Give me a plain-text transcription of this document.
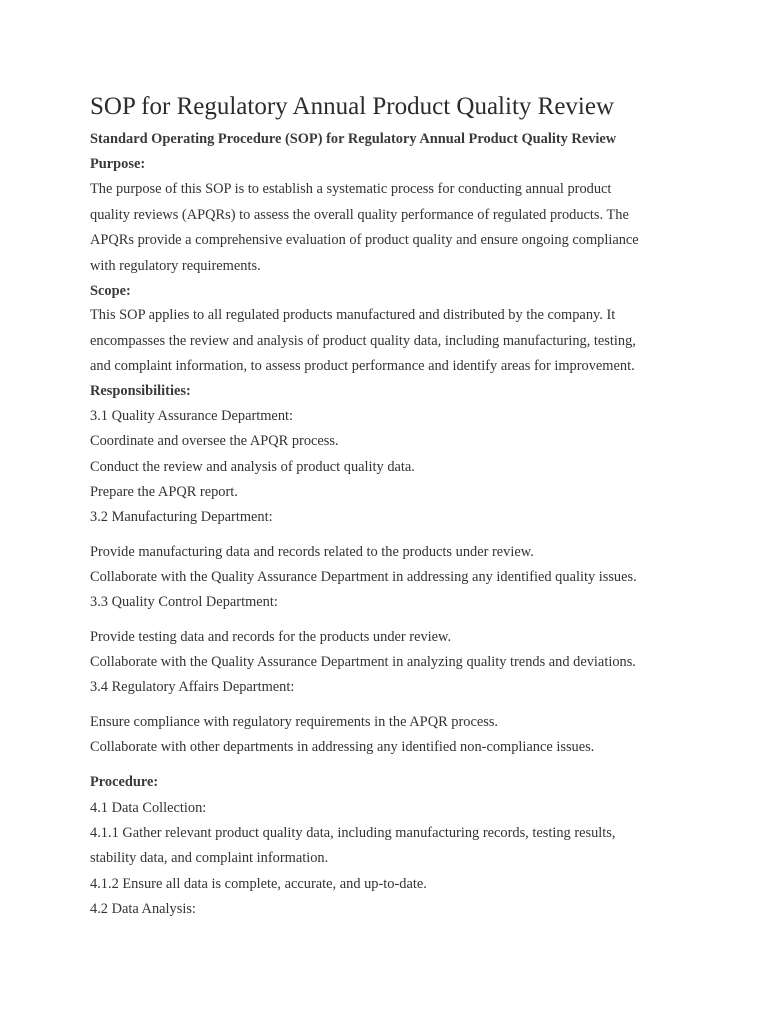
SOP for Regulatory Annual Product Quality Review

Standard Operating Procedure (SOP) for Regulatory Annual Product Quality Review

Purpose:

The purpose of this SOP is to establish a systematic process for conducting annual product

quality reviews (APQRs) to assess the overall quality performance of regulated products. The

APQRs provide a comprehensive evaluation of product quality and ensure ongoing compliance

with regulatory requirements.

Scope:

This SOP applies to all regulated products manufactured and distributed by the company. It

encompasses the review and analysis of product quality data, including manufacturing, testing,

and complaint information, to assess product performance and identify areas for improvement.

Responsibilities:

3.1 Quality Assurance Department:

Coordinate and oversee the APQR process.

Conduct the review and analysis of product quality data.

Prepare the APQR report.

3.2 Manufacturing Department:

Provide manufacturing data and records related to the products under review.

Collaborate with the Quality Assurance Department in addressing any identified quality issues.

3.3 Quality Control Department:

Provide testing data and records for the products under review.

Collaborate with the Quality Assurance Department in analyzing quality trends and deviations.

3.4 Regulatory Affairs Department:

Ensure compliance with regulatory requirements in the APQR process.

Collaborate with other departments in addressing any identified non-compliance issues.

Procedure:

4.1 Data Collection:

4.1.1 Gather relevant product quality data, including manufacturing records, testing results,

stability data, and complaint information.

4.1.2 Ensure all data is complete, accurate, and up-to-date.

4.2 Data Analysis:
